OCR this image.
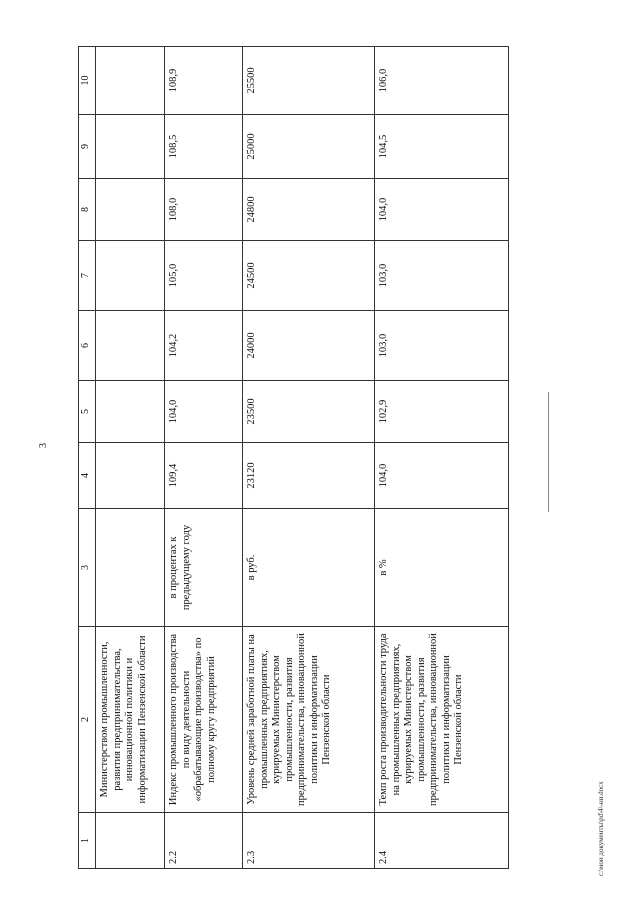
3
c:\мои документы\рd\4\-нн.docx
1	2	3	4	5	6	7	8	9	10
	Министерством промышленности, развития предпринимательства, инновационной политики и информатизации Пензенской области								
2.2	Индекс промышленного производства по виду деятельности «обрабатывающие производства» по полному кругу предприятий	в процентах к предыдущему году	109,4	104,0	104,2	105,0	108,0	108,5	108,9
2.3	Уровень средней заработной платы на промышленных предприятиях, курируемых Министерством промышленности, развития предпринимательства, инновационной политики и информатизации Пензенской области	в руб.	23120	23500	24000	24500	24800	25000	25500
2.4	Темп роста производительности труда на промышленных предприятиях, курируемых Министерством промышленности, развития предпринимательства, инновационной политики и информатизации Пензенской области	в %	104,0	102,9	103,0	103,0	104,0	104,5	106,0
